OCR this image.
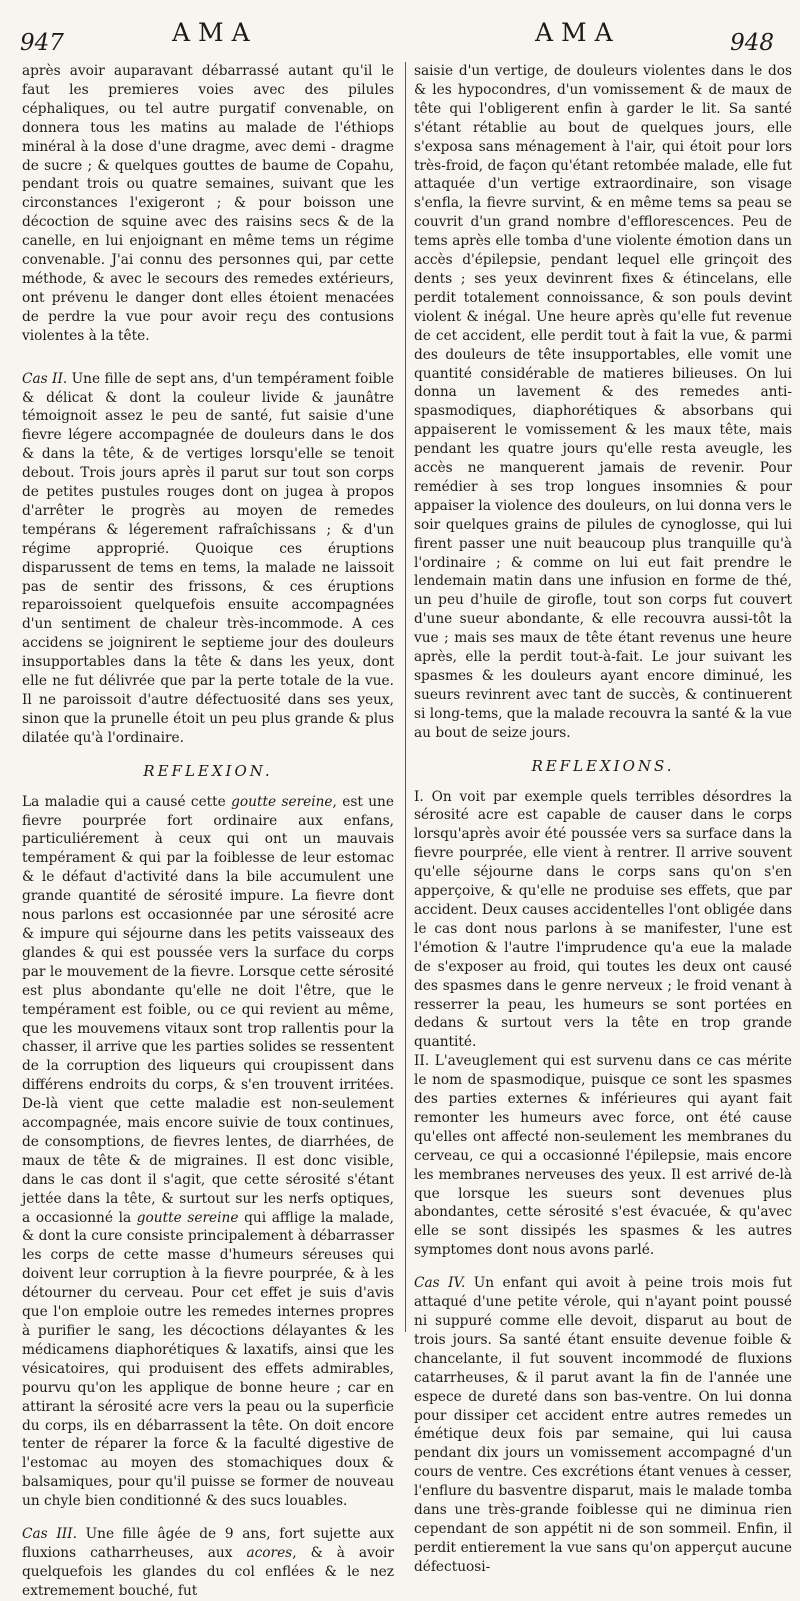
947	AMA	AMA	948

après avoir auparavant débarrassé autant qu'il le faut les premieres voies avec des pilules céphaliques, ou tel autre purgatif convenable, on donnera tous les matins au malade de l'éthiops minéral à la dose d'une dragme, avec demi - dragme de sucre ; & quelques gouttes de baume de Copahu, pendant trois ou quatre semaines, suivant que les circonstances l'exigeront ; & pour boisson une décoction de squine avec des raisins secs & de la canelle, en lui enjoignant en même tems un régime convenable. J'ai connu des personnes qui, par cette méthode, & avec le secours des remedes extérieurs, ont prévenu le danger dont elles étoient menacées de perdre la vue pour avoir reçu des contusions violentes à la tête.

Cas II. Une fille de sept ans, d'un tempérament foible & délicat & dont la couleur livide & jaunâtre témoignoit assez le peu de santé, fut saisie d'une fievre légere accompagnée de douleurs dans le dos & dans la tête, & de vertiges lorsqu'elle se tenoit debout. Trois jours après il parut sur tout son corps de petites pustules rouges dont on jugea à propos d'arrêter le progrès au moyen de remedes tempérans & légerement rafraîchissans ; & d'un régime approprié. Quoique ces éruptions disparussent de tems en tems, la malade ne laissoit pas de sentir des frissons, & ces éruptions reparoissoient quelquefois ensuite accompagnées d'un sentiment de chaleur très-incommode. A ces accidens se joignirent le septieme jour des douleurs insupportables dans la tête & dans les yeux, dont elle ne fut délivrée que par la perte totale de la vue. Il ne paroissoit d'autre défectuosité dans ses yeux, sinon que la prunelle étoit un peu plus grande & plus dilatée qu'à l'ordinaire.

REFLEXION.

La maladie qui a causé cette goutte sereine, est une fievre pourprée fort ordinaire aux enfans, particuliérement à ceux qui ont un mauvais tempérament & qui par la foiblesse de leur estomac & le défaut d'activité dans la bile accumulent une grande quantité de sérosité impure. La fievre dont nous parlons est occasionnée par une sérosité acre & impure qui séjourne dans les petits vaisseaux des glandes & qui est poussée vers la surface du corps par le mouvement de la fievre. Lorsque cette sérosité est plus abondante qu'elle ne doit l'être, que le tempérament est foible, ou ce qui revient au même, que les mouvemens vitaux sont trop rallentis pour la chasser, il arrive que les parties solides se ressentent de la corruption des liqueurs qui croupissent dans différens endroits du corps, & s'en trouvent irritées. De-là vient que cette maladie est non-seulement accompagnée, mais encore suivie de toux continues, de consomptions, de fievres lentes, de diarrhées, de maux de tête & de migraines. Il est donc visible, dans le cas dont il s'agit, que cette sérosité s'étant jettée dans la tête, & surtout sur les nerfs optiques, a occasionné la goutte sereine qui afflige la malade, & dont la cure consiste principalement à débarrasser les corps de cette masse d'humeurs séreuses qui doivent leur corruption à la fievre pourprée, & à les détourner du cerveau. Pour cet effet je suis d'avis que l'on emploie outre les remedes internes propres à purifier le sang, les décoctions délayantes & les médicamens diaphorétiques & laxatifs, ainsi que les vésicatoires, qui produisent des effets admirables, pourvu qu'on les applique de bonne heure ; car en attirant la sérosité acre vers la peau ou la superficie du corps, ils en débarrassent la tête. On doit encore tenter de réparer la force & la faculté digestive de l'estomac au moyen des stomachiques doux & balsamiques, pour qu'il puisse se former de nouveau un chyle bien conditionné & des sucs louables.

Cas III. Une fille âgée de 9 ans, fort sujette aux fluxions catharrheuses, aux acores, & à avoir quelquefois les glandes du col enflées & le nez extremement bouché, fut

saisie d'un vertige, de douleurs violentes dans le dos & les hypocondres, d'un vomissement & de maux de tête qui l'obligerent enfin à garder le lit. Sa santé s'étant rétablie au bout de quelques jours, elle s'exposa sans ménagement à l'air, qui étoit pour lors très-froid, de façon qu'étant retombée malade, elle fut attaquée d'un vertige extraordinaire, son visage s'enfla, la fievre survint, & en même tems sa peau se couvrit d'un grand nombre d'efflorescences. Peu de tems après elle tomba d'une violente émotion dans un accès d'épilepsie, pendant lequel elle grinçoit des dents ; ses yeux devinrent fixes & étincelans, elle perdit totalement connoissance, & son pouls devint violent & inégal. Une heure après qu'elle fut revenue de cet accident, elle perdit tout à fait la vue, & parmi des douleurs de tête insupportables, elle vomit une quantité considérable de matieres bilieuses. On lui donna un lavement & des remedes anti-spasmodiques, diaphorétiques & absorbans qui appaiserent le vomissement & les maux tête, mais pendant les quatre jours qu'elle resta aveugle, les accès ne manquerent jamais de revenir. Pour remédier à ses trop longues insomnies & pour appaiser la violence des douleurs, on lui donna vers le soir quelques grains de pilules de cynoglosse, qui lui firent passer une nuit beaucoup plus tranquille qu'à l'ordinaire ; & comme on lui eut fait prendre le lendemain matin dans une infusion en forme de thé, un peu d'huile de girofle, tout son corps fut couvert d'une sueur abondante, & elle recouvra aussi-tôt la vue ; mais ses maux de tête étant revenus une heure après, elle la perdit tout-à-fait. Le jour suivant les spasmes & les douleurs ayant encore diminué, les sueurs revinrent avec tant de succès, & continuerent si long-tems, que la malade recouvra la santé & la vue au bout de seize jours.

REFLEXIONS.

I. On voit par exemple quels terribles désordres la sérosité acre est capable de causer dans le corps lorsqu'après avoir été poussée vers sa surface dans la fievre pourprée, elle vient à rentrer. Il arrive souvent qu'elle séjourne dans le corps sans qu'on s'en apperçoive, & qu'elle ne produise ses effets, que par accident. Deux causes accidentelles l'ont obligée dans le cas dont nous parlons à se manifester, l'une est l'émotion & l'autre l'imprudence qu'a eue la malade de s'exposer au froid, qui toutes les deux ont causé des spasmes dans le genre nerveux ; le froid venant à resserrer la peau, les humeurs se sont portées en dedans & surtout vers la tête en trop grande quantité.

II. L'aveuglement qui est survenu dans ce cas mérite le nom de spasmodique, puisque ce sont les spasmes des parties externes & inférieures qui ayant fait remonter les humeurs avec force, ont été cause qu'elles ont affecté non-seulement les membranes du cerveau, ce qui a occasionné l'épilepsie, mais encore les membranes nerveuses des yeux. Il est arrivé de-là que lorsque les sueurs sont devenues plus abondantes, cette sérosité s'est évacuée, & qu'avec elle se sont dissipés les spasmes & les autres symptomes dont nous avons parlé.

Cas IV. Un enfant qui avoit à peine trois mois fut attaqué d'une petite vérole, qui n'ayant point poussé ni suppuré comme elle devoit, disparut au bout de trois jours. Sa santé étant ensuite devenue foible & chancelante, il fut souvent incommodé de fluxions catarrheuses, & il parut avant la fin de l'année une espece de dureté dans son bas-ventre. On lui donna pour dissiper cet accident entre autres remedes un émétique deux fois par semaine, qui lui causa pendant dix jours un vomissement accompagné d'un cours de ventre. Ces excrétions étant venues à cesser, l'enflure du basventre disparut, mais le malade tomba dans une très-grande foiblesse qui ne diminua rien cependant de son appétit ni de son sommeil. Enfin, il perdit entierement la vue sans qu'on apperçut aucune défectuosi-
